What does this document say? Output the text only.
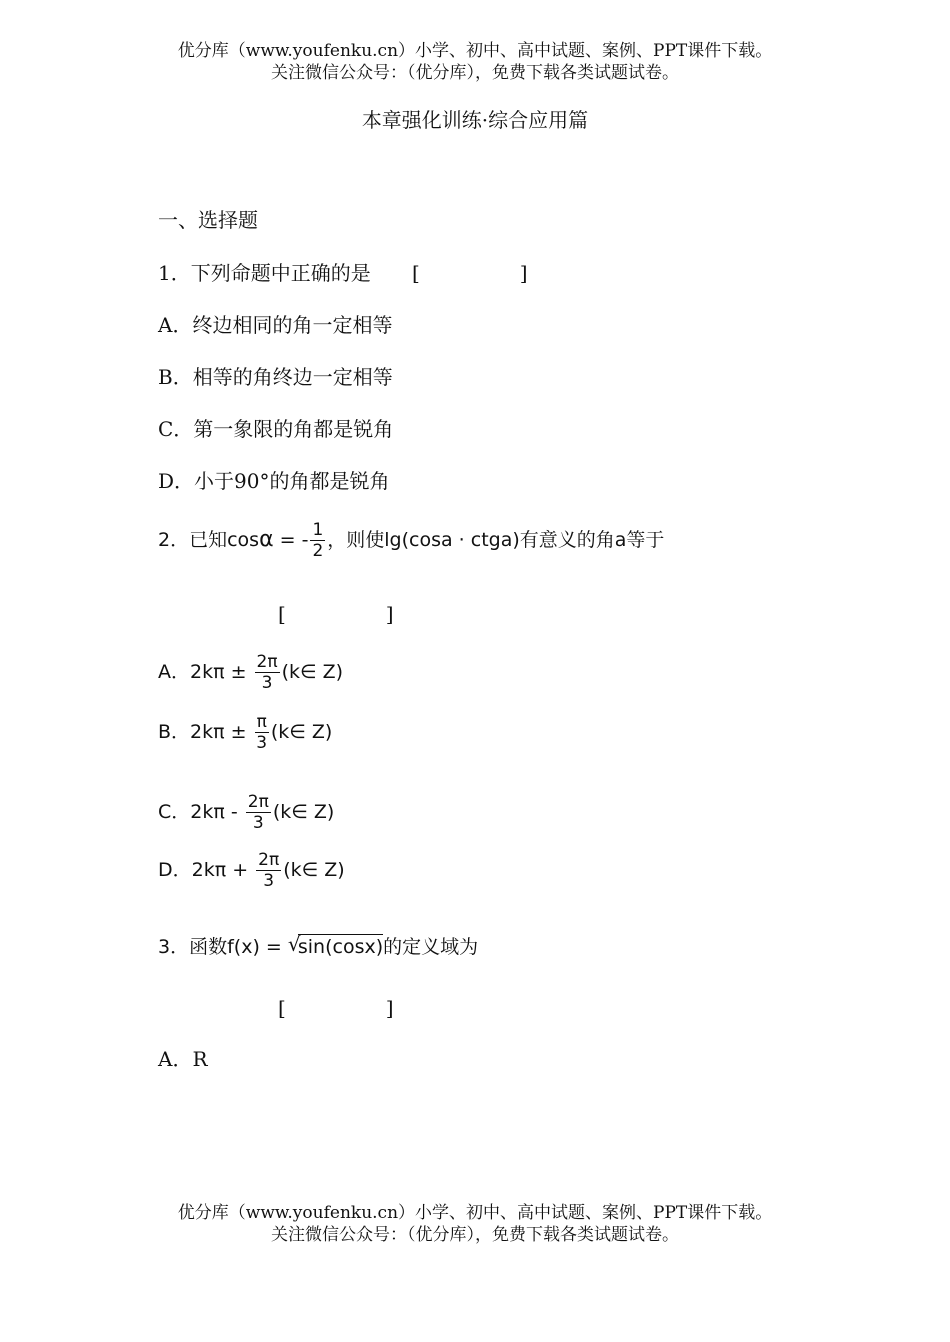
优分库（www.youfenku.cn）小学、初中、高中试题、案例、PPT课件下载。
关注微信公众号：（优分库），免费下载各类试题试卷。
本章强化训练·综合应用篇
一、选择题
1．下列命题中正确的是 [　　　　　]
A．终边相同的角一定相等
B．相等的角终边一定相等
C．第一象限的角都是锐角
D．小于90°的角都是锐角
2．已知cosα = - $\frac{1}{2}$ ，则使lg(cosa · ctga)有意义的角a等于
[　　　　　]
A．$2k\pi \pm \frac{2\pi}{3}$ (k∈ Z)
B．$2k\pi \pm \frac{\pi}{3}$ (k∈ Z)
C．$2k\pi - \frac{2\pi}{3}$ (k∈ Z)
D．$2k\pi + \frac{2\pi}{3}$ (k∈ Z)
3．函数f(x) = √
sin(cosx)的定义域为
[　　　　　]
A．R
优分库（www.youfenku.cn）小学、初中、高中试题、案例、PPT课件下载。
关注微信公众号：（优分库），免费下载各类试题试卷。
